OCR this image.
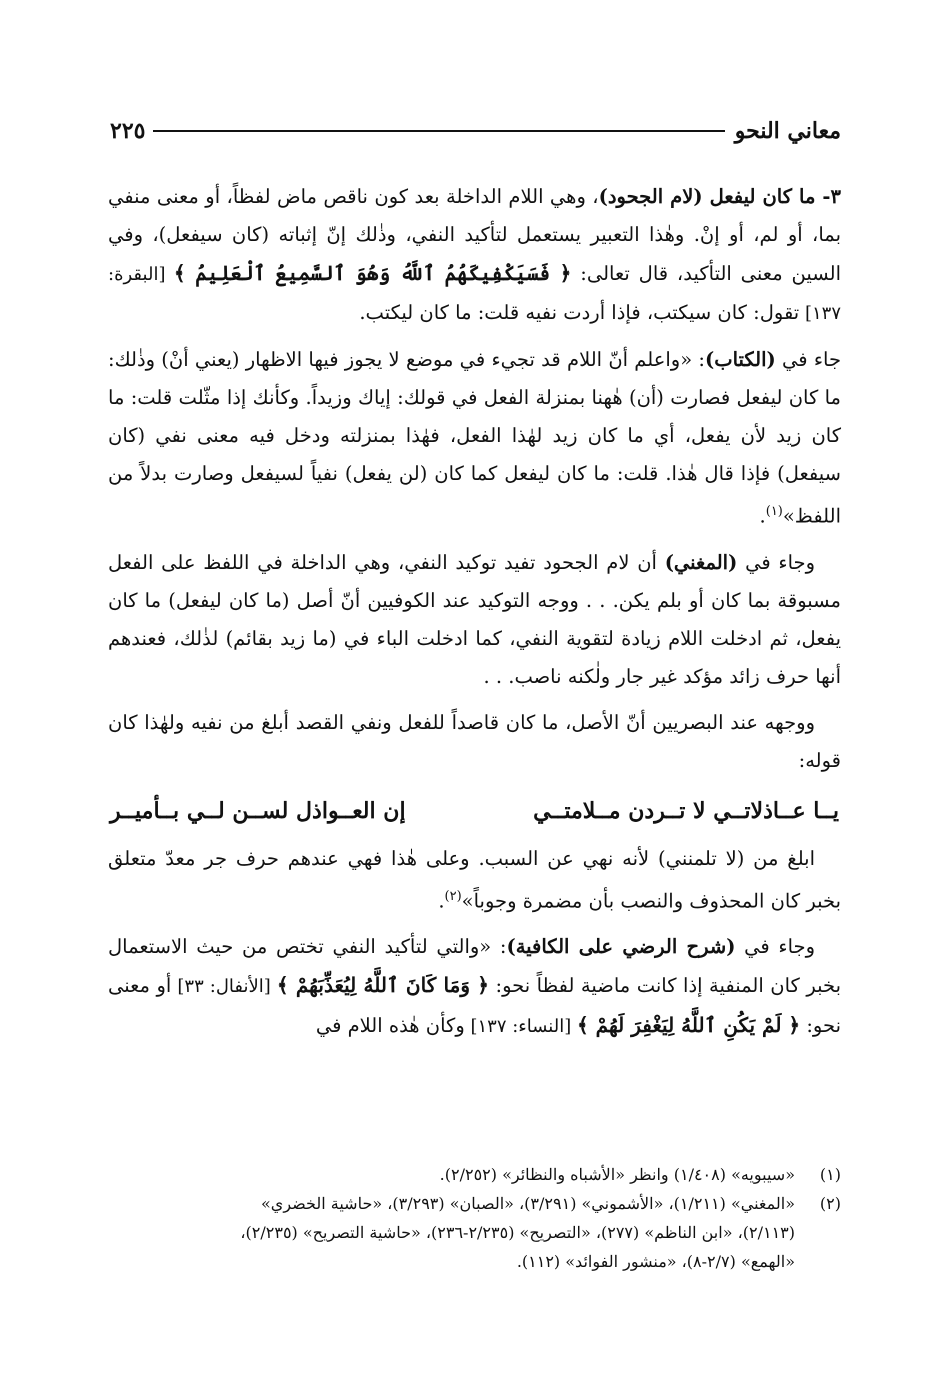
معاني النحو
٢٢٥

٣- ما كان ليفعل (لام الجحود)، وهي اللام الداخلة بعد كون ناقص ماض لفظاً، أو معنى منفي بما، أو لم، أو إنْ. وهٰذا التعبير يستعمل لتأكيد النفي، وذٰلك إنّ إثباته (كان سيفعل)، وفي السين معنى التأكيد، قال تعالى: ﴿ فَسَيَكْفِيكَهُمُ ٱللَّهُ وَهُوَ ٱلسَّمِيعُ ٱلْعَلِيمُ ﴾ [البقرة: ١٣٧] تقول: كان سيكتب، فإذا أردت نفيه قلت: ما كان ليكتب.

جاء في (الكتاب): «واعلم أنّ اللام قد تجيء في موضع لا يجوز فيها الاظهار (يعني أنْ) وذٰلك: ما كان ليفعل فصارت (أن) هٰهنا بمنزلة الفعل في قولك: إياك وزيداً. وكأنك إذا مثّلت قلت: ما كان زيد لأن يفعل، أي ما كان زيد لهٰذا الفعل، فهٰذا بمنزلته ودخل فيه معنى نفي (كان سيفعل) فإذا قال هٰذا. قلت: ما كان ليفعل كما كان (لن يفعل) نفياً لسيفعل وصارت بدلاً من اللفظ»$^{(١)}$.

وجاء في (المغني) أن لام الجحود تفيد توكيد النفي، وهي الداخلة في اللفظ على الفعل مسبوقة بما كان أو بلم يكن. . . ووجه التوكيد عند الكوفيين أنّ أصل (ما كان ليفعل) ما كان يفعل، ثم ادخلت اللام زيادة لتقوية النفي، كما ادخلت الباء في (ما زيد بقائم) لذٰلك، فعندهم أنها حرف زائد مؤكد غير جار ولٰكنه ناصب. . .

ووجهه عند البصريين أنّ الأصل، ما كان قاصداً للفعل ونفي القصد أبلغ من نفيه ولهٰذا كان قوله:

يــا عــاذلاتــي لا تــردن مــلامتــي
إن العــواذل لســن لــي بــأميــر

ابلغ من (لا تلمنني) لأنه نهي عن السبب. وعلى هٰذا فهي عندهم حرف جر معدّ متعلق بخبر كان المحذوف والنصب بأن مضمرة وجوباً»$^{(٢)}$.

وجاء في (شرح الرضي على الكافية): «والتي لتأكيد النفي تختص من حيث الاستعمال بخبر كان المنفية إذا كانت ماضية لفظاً نحو: ﴿ وَمَا كَانَ ٱللَّهُ لِيُعَذِّبَهُمْ ﴾ [الأنفال: ٣٣] أو معنى نحو: ﴿ لَمْ يَكُنِ ٱللَّهُ لِيَغْفِرَ لَهُمْ ﴾ [النساء: ١٣٧] وكأن هٰذه اللام في

(١)
«سيبويه» (١/٤٠٨) وانظر «الأشباه والنظائر» (٢/٢٥٢).
(٢)
«المغني» (١/٢١١)، «الأشموني» (٣/٢٩١)، «الصبان» (٣/٢٩٣)، «حاشية الخضري»
(٢/١١٣)، «ابن الناظم» (٢٧٧)، «التصريح» (٢/٢٣٥-٢٣٦)، «حاشية التصريح» (٢/٢٣٥)،
«الهمع» (٢/٧-٨)، «منشور الفوائد» (١١٢).
